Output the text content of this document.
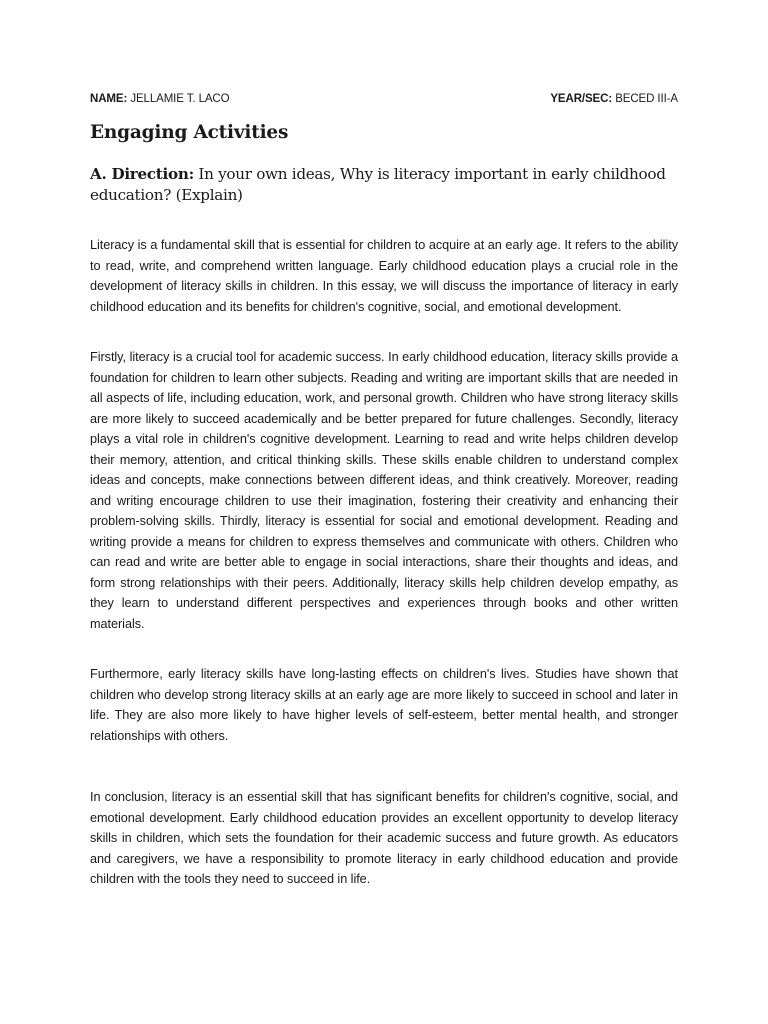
NAME: JELLAMIE T. LACO	YEAR/SEC: BECED III-A
Engaging Activities

A. Direction: In your own ideas, Why is literacy important in early childhood education? (Explain)

Literacy is a fundamental skill that is essential for children to acquire at an early age. It refers to the ability to read, write, and comprehend written language. Early childhood education plays a crucial role in the development of literacy skills in children. In this essay, we will discuss the importance of literacy in early childhood education and its benefits for children's cognitive, social, and emotional development.

Firstly, literacy is a crucial tool for academic success. In early childhood education, literacy skills provide a foundation for children to learn other subjects. Reading and writing are important skills that are needed in all aspects of life, including education, work, and personal growth. Children who have strong literacy skills are more likely to succeed academically and be better prepared for future challenges. Secondly, literacy plays a vital role in children's cognitive development. Learning to read and write helps children develop their memory, attention, and critical thinking skills. These skills enable children to understand complex ideas and concepts, make connections between different ideas, and think creatively. Moreover, reading and writing encourage children to use their imagination, fostering their creativity and enhancing their problem-solving skills. Thirdly, literacy is essential for social and emotional development. Reading and writing provide a means for children to express themselves and communicate with others. Children who can read and write are better able to engage in social interactions, share their thoughts and ideas, and form strong relationships with their peers. Additionally, literacy skills help children develop empathy, as they learn to understand different perspectives and experiences through books and other written materials.

Furthermore, early literacy skills have long-lasting effects on children's lives. Studies have shown that children who develop strong literacy skills at an early age are more likely to succeed in school and later in life. They are also more likely to have higher levels of self-esteem, better mental health, and stronger relationships with others.

In conclusion, literacy is an essential skill that has significant benefits for children's cognitive, social, and emotional development. Early childhood education provides an excellent opportunity to develop literacy skills in children, which sets the foundation for their academic success and future growth. As educators and caregivers, we have a responsibility to promote literacy in early childhood education and provide children with the tools they need to succeed in life.
